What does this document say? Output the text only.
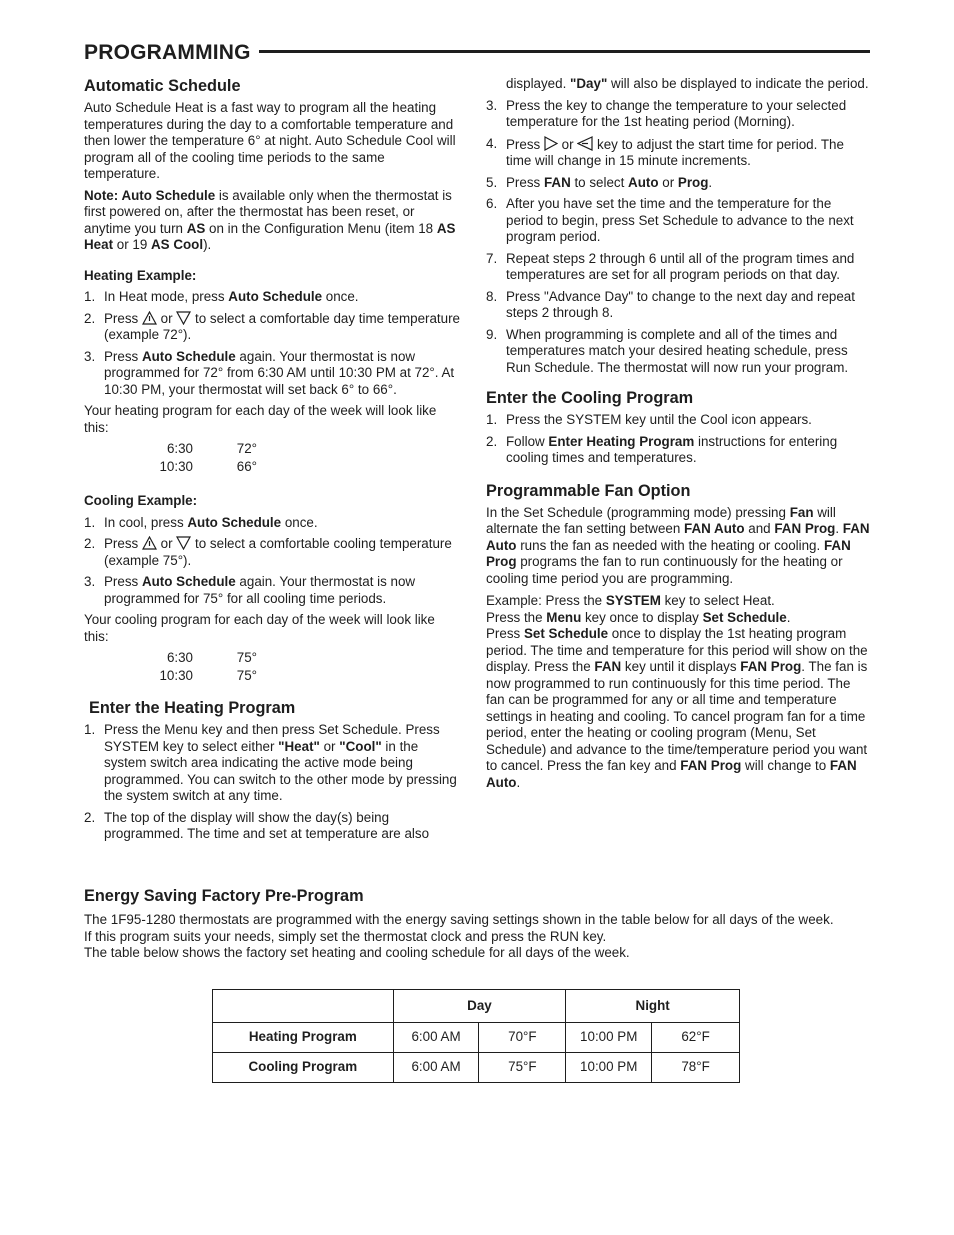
PROGRAMMING
Automatic Schedule

Auto Schedule Heat is a fast way to program all the heating temperatures during the day to a comfortable temperature and then lower the temperature 6° at night. Auto Schedule Cool will program all of the cooling time periods to the same temperature.

Note: Auto Schedule is available only when the thermostat is first powered on, after the thermostat has been reset, or anytime you turn AS on in the Configuration Menu (item 18 AS Heat or 19 AS Cool).

Heating Example:
1. In Heat mode, press Auto Schedule once.
2. Press  or  to select a comfortable day time temperature (example 72°).
3. Press Auto Schedule again. Your thermostat is now programmed for 72° from 6:30 AM until 10:30 PM at 72°. At 10:30 PM, your thermostat will set back 6° to 66°.

Your heating program for each day of the week will look like this:

6:30	72°
10:30	66°
Cooling Example:
1. In cool, press Auto Schedule once.
2. Press  or  to select a comfortable cooling temperature (example 75°).
3. Press Auto Schedule again. Your thermostat is now programmed for 75° for all cooling time periods.

Your cooling program for each day of the week will look like this:

6:30	75°
10:30	75°
Enter the Heating Program
1. Press the Menu key and then press Set Schedule. Press SYSTEM key to select either "Heat" or "Cool" in the system switch area indicating the active mode being programmed. You can switch to the other mode by pressing the system switch at any time.
2. The top of the display will show the day(s) being programmed. The time and set at temperature are also
displayed. "Day" will also be displayed to indicate the period.
3. Press the key to change the temperature to your selected temperature for the 1st heating period (Morning).
4. Press  or  key to adjust the start time for period. The time will change in 15 minute increments.
5. Press FAN to select Auto or Prog.
6. After you have set the time and the temperature for the period to begin, press Set Schedule to advance to the next program period.
7. Repeat steps 2 through 6 until all of the program times and temperatures are set for all program periods on that day.
8. Press "Advance Day" to change to the next day and repeat steps 2 through 8.
9. When programming is complete and all of the times and temperatures match your desired heating schedule, press Run Schedule. The thermostat will now run your program.
Enter the Cooling Program
1. Press the SYSTEM key until the Cool icon appears.
2. Follow Enter Heating Program instructions for entering cooling times and temperatures.
Programmable Fan Option

In the Set Schedule (programming mode) pressing Fan will alternate the fan setting between FAN Auto and FAN Prog. FAN Auto runs the fan as needed with the heating or cooling. FAN Prog programs the fan to run continuously for the heating or cooling time period you are programming.

Example: Press the SYSTEM key to select Heat.
Press the Menu key once to display Set Schedule.
Press Set Schedule once to display the 1st heating program period. The time and temperature for this period will show on the display. Press the FAN key until it displays FAN Prog. The fan is now programmed to run continuously for this time period. The fan can be programmed for any or all time and temperature settings in heating and cooling. To cancel program fan for a time period, enter the heating or cooling program (Menu, Set Schedule) and advance to the time/temperature period you want to cancel. Press the fan key and FAN Prog will change to FAN Auto.

Energy Saving Factory Pre-Program

The 1F95-1280 thermostats are programmed with the energy saving settings shown in the table below for all days of the week.

If this program suits your needs, simply set the thermostat clock and press the RUN key.

The table below shows the factory set heating and cooling schedule for all days of the week.

	Day		Night	
Heating Program	6:00 AM	70°F	10:00 PM	62°F
Cooling Program	6:00 AM	75°F	10:00 PM	78°F
